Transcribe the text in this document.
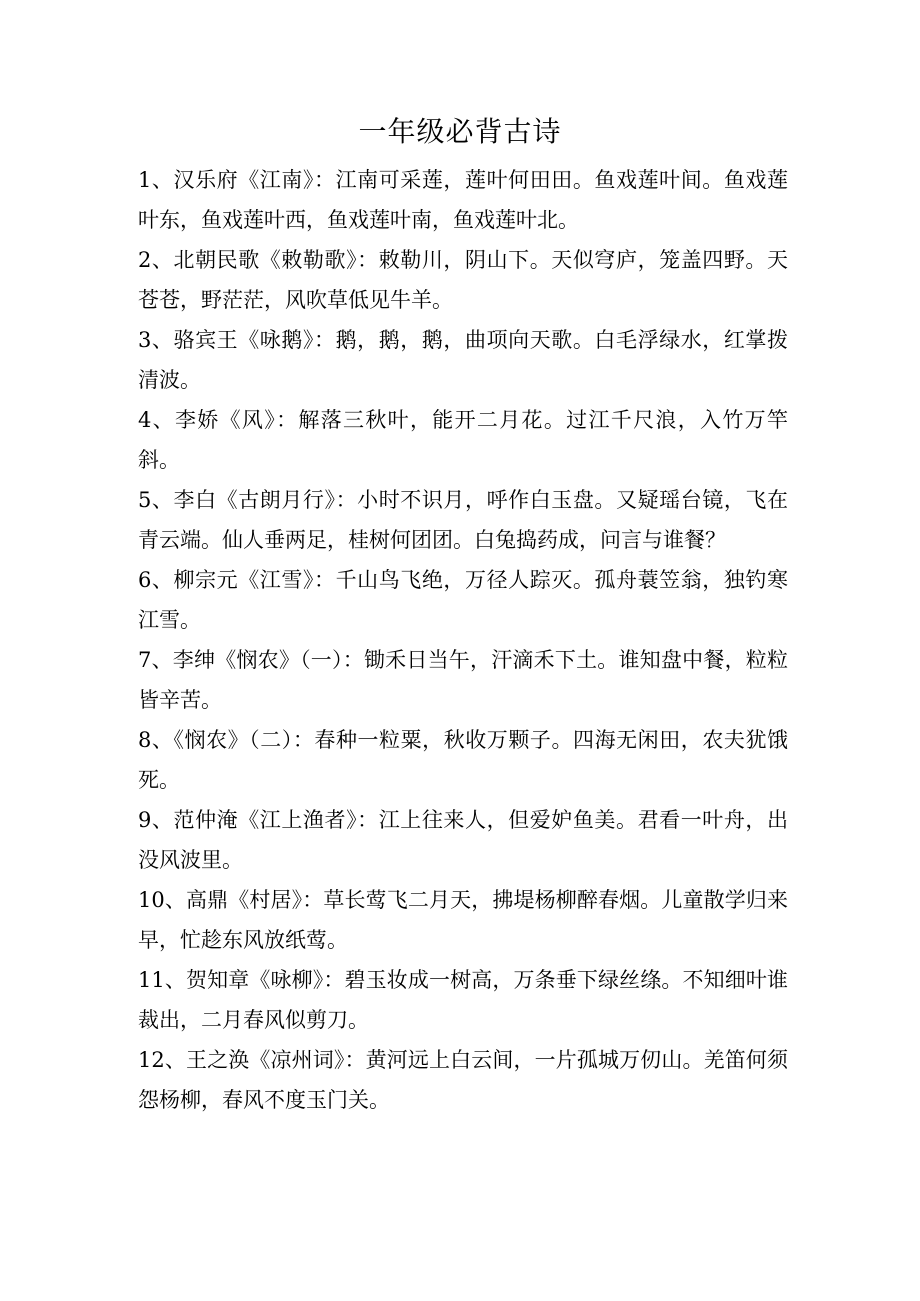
一年级必背古诗
1、汉乐府《江南》：江南可采莲，莲叶何田田。鱼戏莲叶间。鱼戏莲叶东，鱼戏莲叶西，鱼戏莲叶南，鱼戏莲叶北。
2、北朝民歌《敕勒歌》：敕勒川，阴山下。天似穹庐，笼盖四野。天苍苍，野茫茫，风吹草低见牛羊。
3、骆宾王《咏鹅》：鹅，鹅，鹅，曲项向天歌。白毛浮绿水，红掌拨清波。
4、李娇《风》：解落三秋叶，能开二月花。过江千尺浪，入竹万竿斜。
5、李白《古朗月行》：小时不识月，呼作白玉盘。又疑瑶台镜，飞在青云端。仙人垂两足，桂树何团团。白兔捣药成，问言与谁餐？
6、柳宗元《江雪》：千山鸟飞绝，万径人踪灭。孤舟蓑笠翁，独钓寒江雪。
7、李绅《悯农》（一）：锄禾日当午，汗滴禾下土。谁知盘中餐，粒粒皆辛苦。
8、《悯农》（二）：春种一粒粟，秋收万颗子。四海无闲田，农夫犹饿死。
9、范仲淹《江上渔者》：江上往来人，但爱妒鱼美。君看一叶舟，出没风波里。
10、高鼎《村居》：草长莺飞二月天，拂堤杨柳醉春烟。儿童散学归来早，忙趁东风放纸莺。
11、贺知章《咏柳》：碧玉妆成一树高，万条垂下绿丝绦。不知细叶谁裁出，二月春风似剪刀。
12、王之涣《凉州词》：黄河远上白云间，一片孤城万仞山。羌笛何须怨杨柳，春风不度玉门关。
